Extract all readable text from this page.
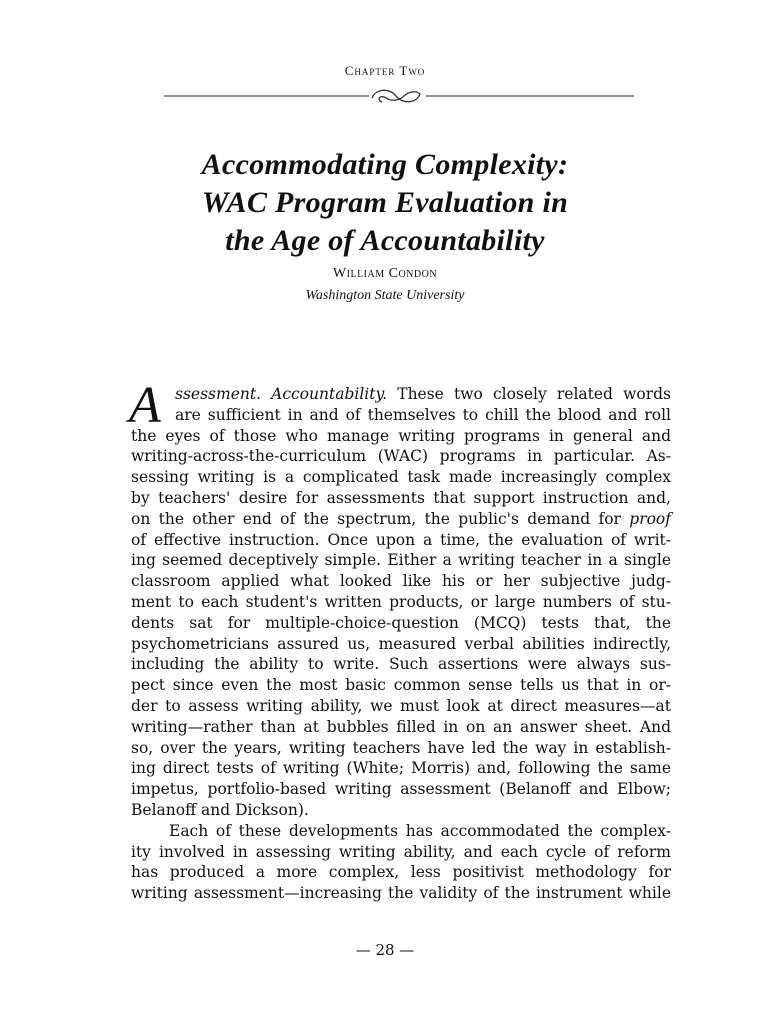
Chapter Two
Accommodating Complexity:
WAC Program Evaluation in
the Age of Accountability
William Condon
Washington State University
A ssessment. Accountability. These two closely related words
are sufficient in and of themselves to chill the blood and roll
the eyes of those who manage writing programs in general and
writing-across-the-curriculum (WAC) programs in particular. As-
sessing writing is a complicated task made increasingly complex
by teachers' desire for assessments that support instruction and,
on the other end of the spectrum, the public's demand for proof
of effective instruction. Once upon a time, the evaluation of writ-
ing seemed deceptively simple. Either a writing teacher in a single
classroom applied what looked like his or her subjective judg-
ment to each student's written products, or large numbers of stu-
dents sat for multiple-choice-question (MCQ) tests that, the
psychometricians assured us, measured verbal abilities indirectly,
including the ability to write. Such assertions were always sus-
pect since even the most basic common sense tells us that in or-
der to assess writing ability, we must look at direct measures—at
writing—rather than at bubbles filled in on an answer sheet. And
so, over the years, writing teachers have led the way in establish-
ing direct tests of writing (White; Morris) and, following the same
impetus, portfolio-based writing assessment (Belanoff and Elbow;
Belanoff and Dickson).
Each of these developments has accommodated the complex-
ity involved in assessing writing ability, and each cycle of reform
has produced a more complex, less positivist methodology for
writing assessment—increasing the validity of the instrument while
— 28 —
